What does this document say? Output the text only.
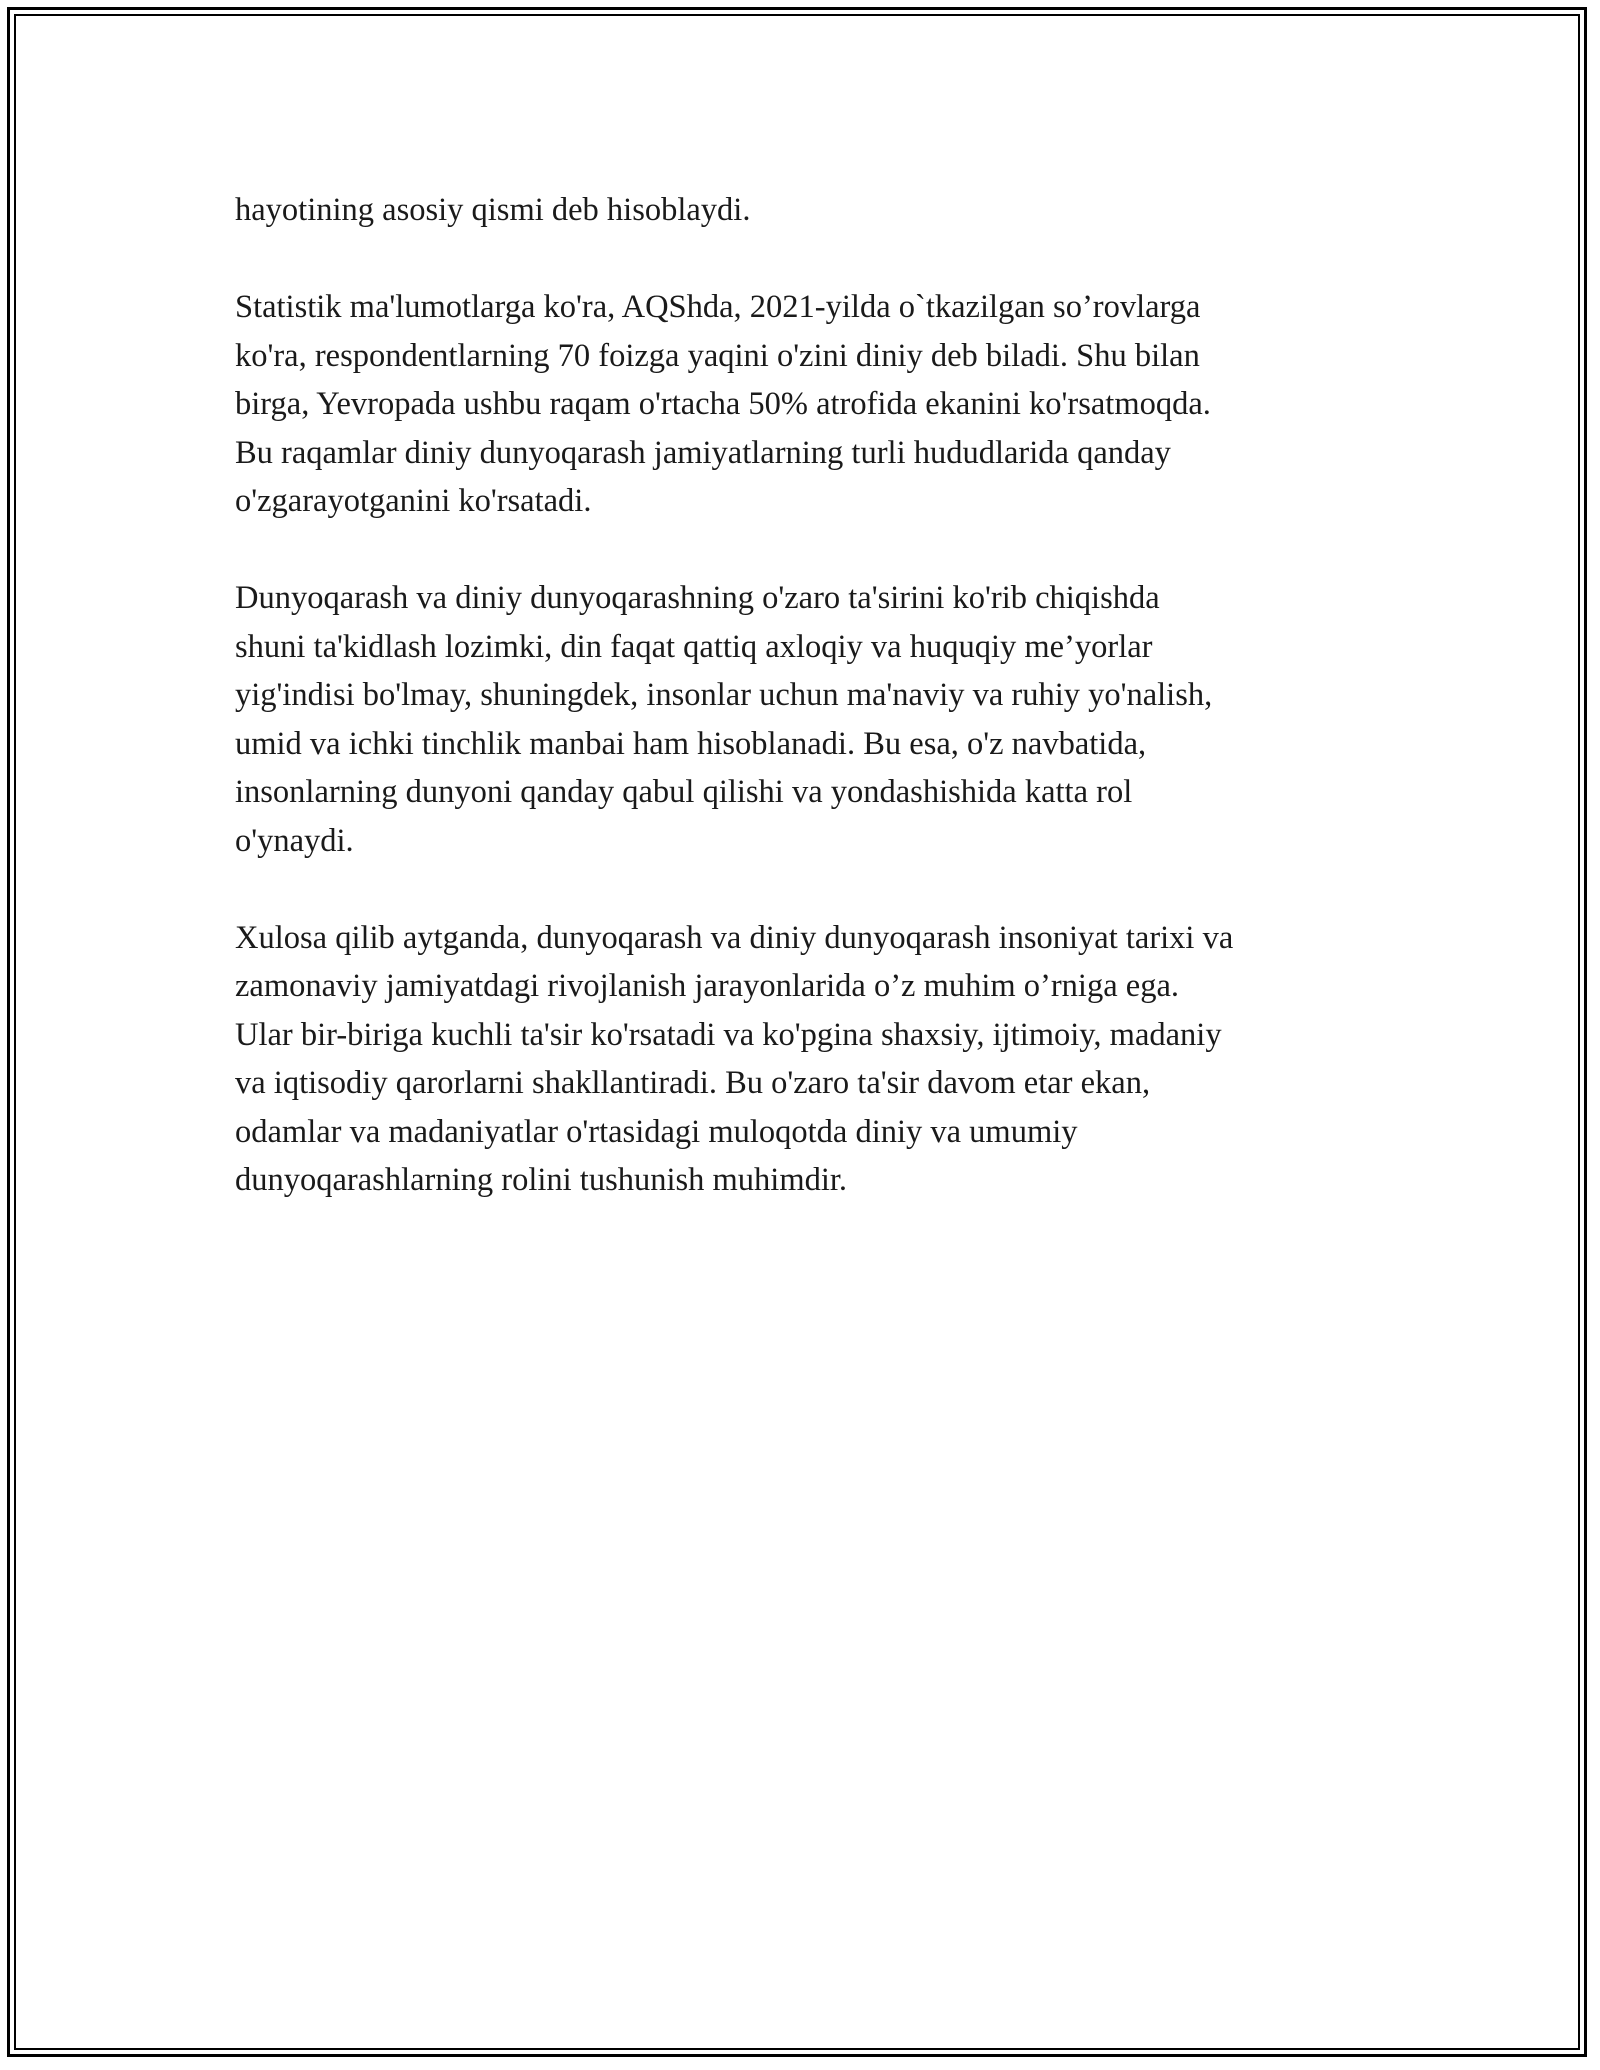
hayotining asosiy qismi deb hisoblaydi.

Statistik ma'lumotlarga ko'ra, AQShda, 2021-yilda o`tkazilgan so’rovlarga
ko'ra, respondentlarning 70 foizga yaqini o'zini diniy deb biladi. Shu bilan
birga, Yevropada ushbu raqam o'rtacha 50% atrofida ekanini ko'rsatmoqda.
Bu raqamlar diniy dunyoqarash jamiyatlarning turli hududlarida qanday
o'zgarayotganini ko'rsatadi.

Dunyoqarash va diniy dunyoqarashning o'zaro ta'sirini ko'rib chiqishda
shuni ta'kidlash lozimki, din faqat qattiq axloqiy va huquqiy me’yorlar
yig'indisi bo'lmay, shuningdek, insonlar uchun ma'naviy va ruhiy yo'nalish,
umid va ichki tinchlik manbai ham hisoblanadi. Bu esa, o'z navbatida,
insonlarning dunyoni qanday qabul qilishi va yondashishida katta rol
o'ynaydi.

Xulosa qilib aytganda, dunyoqarash va diniy dunyoqarash insoniyat tarixi va
zamonaviy jamiyatdagi rivojlanish jarayonlarida o’z muhim o’rniga ega.
Ular bir-biriga kuchli ta'sir ko'rsatadi va ko'pgina shaxsiy, ijtimoiy, madaniy
va iqtisodiy qarorlarni shakllantiradi. Bu o'zaro ta'sir davom etar ekan,
odamlar va madaniyatlar o'rtasidagi muloqotda diniy va umumiy
dunyoqarashlarning rolini tushunish muhimdir.
